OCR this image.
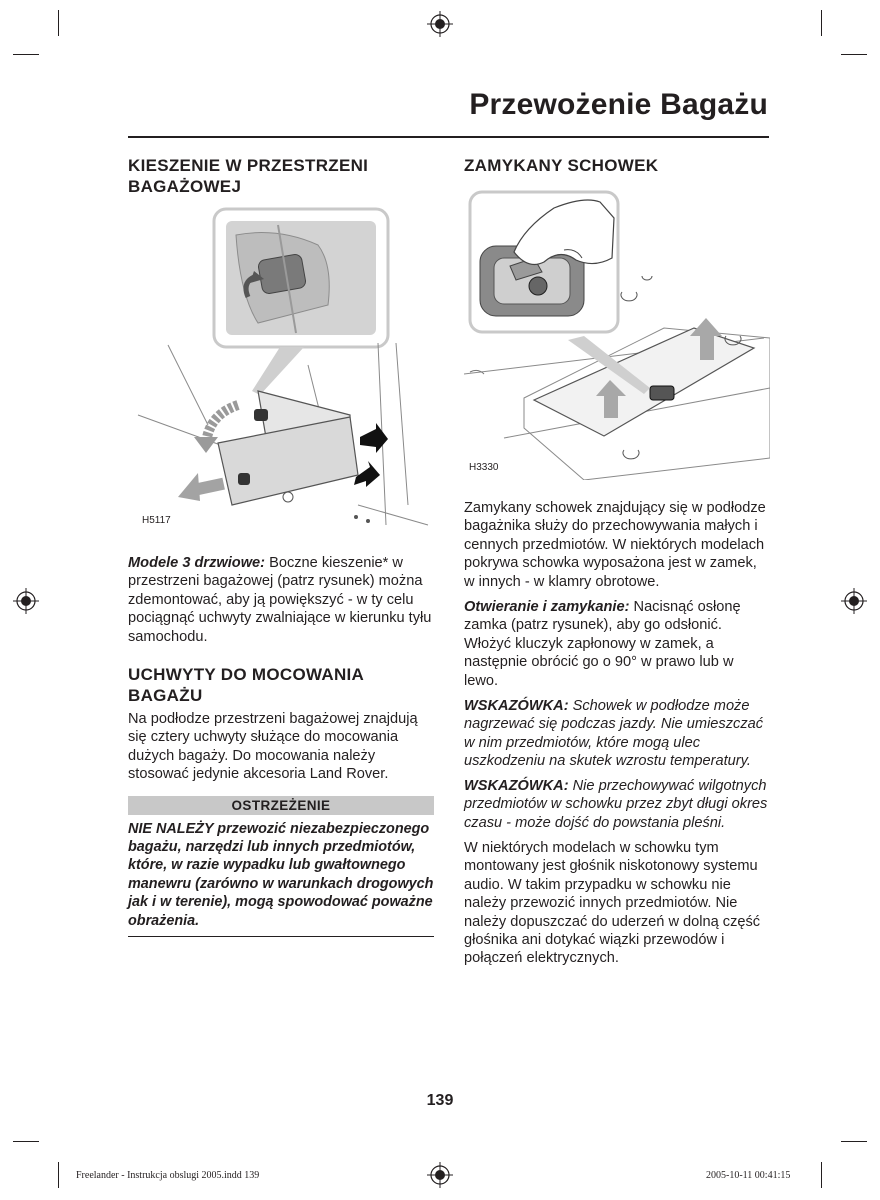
Przewożenie Bagażu
KIESZENIE W PRZESTRZENI BAGAŻOWEJ
H5117

Modele 3 drzwiowe: Boczne kieszenie* w przestrzeni bagażowej (patrz rysunek) można zdemontować, aby ją powiększyć - w ty celu pociągnąć uchwyty zwalniające w kierunku tyłu samochodu.

UCHWYTY DO MOCOWANIA BAGAŻU

Na podłodze przestrzeni bagażowej znajdują się cztery uchwyty służące do mocowania dużych bagaży. Do mocowania należy stosować jedynie akcesoria Land Rover.

OSTRZEŻENIE

NIE NALEŻY przewozić niezabezpieczonego bagażu, narzędzi lub innych przedmiotów, które, w razie wypadku lub gwałtownego manewru (zarówno w warunkach drogowych jak i w terenie), mogą spowodować poważne obrażenia.

ZAMYKANY SCHOWEK
H3330

Zamykany schowek znajdujący się w podłodze bagażnika służy do przechowywania małych i cennych przedmiotów. W niektórych modelach pokrywa schowka wyposażona jest w zamek, w innych - w klamry obrotowe.

Otwieranie i zamykanie: Nacisnąć osłonę zamka (patrz rysunek), aby go odsłonić. Włożyć kluczyk zapłonowy w zamek, a następnie obrócić go o 90° w prawo lub w lewo.

WSKAZÓWKA: Schowek w podłodze może nagrzewać się podczas jazdy. Nie umieszczać w nim przedmiotów, które mogą ulec uszkodzeniu na skutek wzrostu temperatury.

WSKAZÓWKA: Nie przechowywać wilgotnych przedmiotów w schowku przez zbyt długi okres czasu - może dojść do powstania pleśni.

W niektórych modelach w schowku tym montowany jest głośnik niskotonowy systemu audio. W takim przypadku w schowku nie należy przewozić innych przedmiotów. Nie należy dopuszczać do uderzeń w dolną część głośnika ani dotykać wiązki przewodów i połączeń elektrycznych.

139
Freelander - Instrukcja obslugi 2005.indd 139	2005-10-11 00:41:15
